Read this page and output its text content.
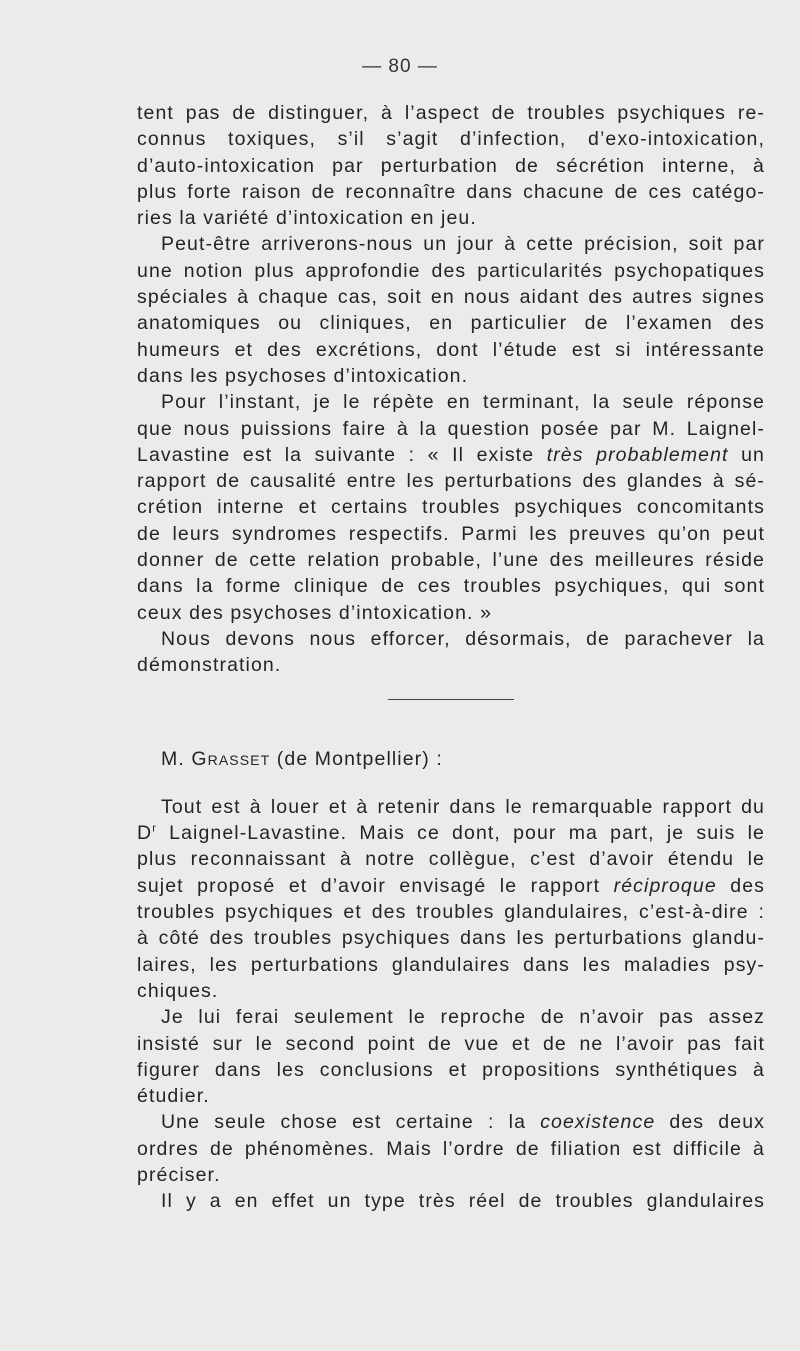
— 80 —
tent pas de distinguer, à l’aspect de troubles psychiques re-
connus toxiques, s’il s’agit d’infection, d’exo-intoxication,
d’auto-intoxication par perturbation de sécrétion interne, à
plus forte raison de reconnaître dans chacune de ces catégo-
ries la variété d’intoxication en jeu.
Peut-être arriverons-nous un jour à cette précision, soit par
une notion plus approfondie des particularités psychopatiques
spéciales à chaque cas, soit en nous aidant des autres signes
anatomiques ou cliniques, en particulier de l’examen des
humeurs et des excrétions, dont l’étude est si intéressante
dans les psychoses d’intoxication.
Pour l’instant, je le répète en terminant, la seule réponse
que nous puissions faire à la question posée par M. Laignel-
Lavastine est la suivante : « Il existe très probablement un
rapport de causalité entre les perturbations des glandes à sé-
crétion interne et certains troubles psychiques concomitants
de leurs syndromes respectifs. Parmi les preuves qu’on peut
donner de cette relation probable, l’une des meilleures réside
dans la forme clinique de ces troubles psychiques, qui sont
ceux des psychoses d’intoxication. »
Nous devons nous efforcer, désormais, de parachever la
démonstration.
M. Grasset (de Montpellier) :
Tout est à louer et à retenir dans le remarquable rapport du
$D^r$ Laignel-Lavastine. Mais ce dont, pour ma part, je suis le
plus reconnaissant à notre collègue, c’est d’avoir étendu le
sujet proposé et d’avoir envisagé le rapport réciproque des
troubles psychiques et des troubles glandulaires, c’est-à-dire :
à côté des troubles psychiques dans les perturbations glandu-
laires, les perturbations glandulaires dans les maladies psy-
chiques.
Je lui ferai seulement le reproche de n’avoir pas assez
insisté sur le second point de vue et de ne l’avoir pas fait
figurer dans les conclusions et propositions synthétiques à
étudier.
Une seule chose est certaine : la coexistence des deux
ordres de phénomènes. Mais l’ordre de filiation est difficile à
préciser.
Il y a en effet un type très réel de troubles glandulaires
